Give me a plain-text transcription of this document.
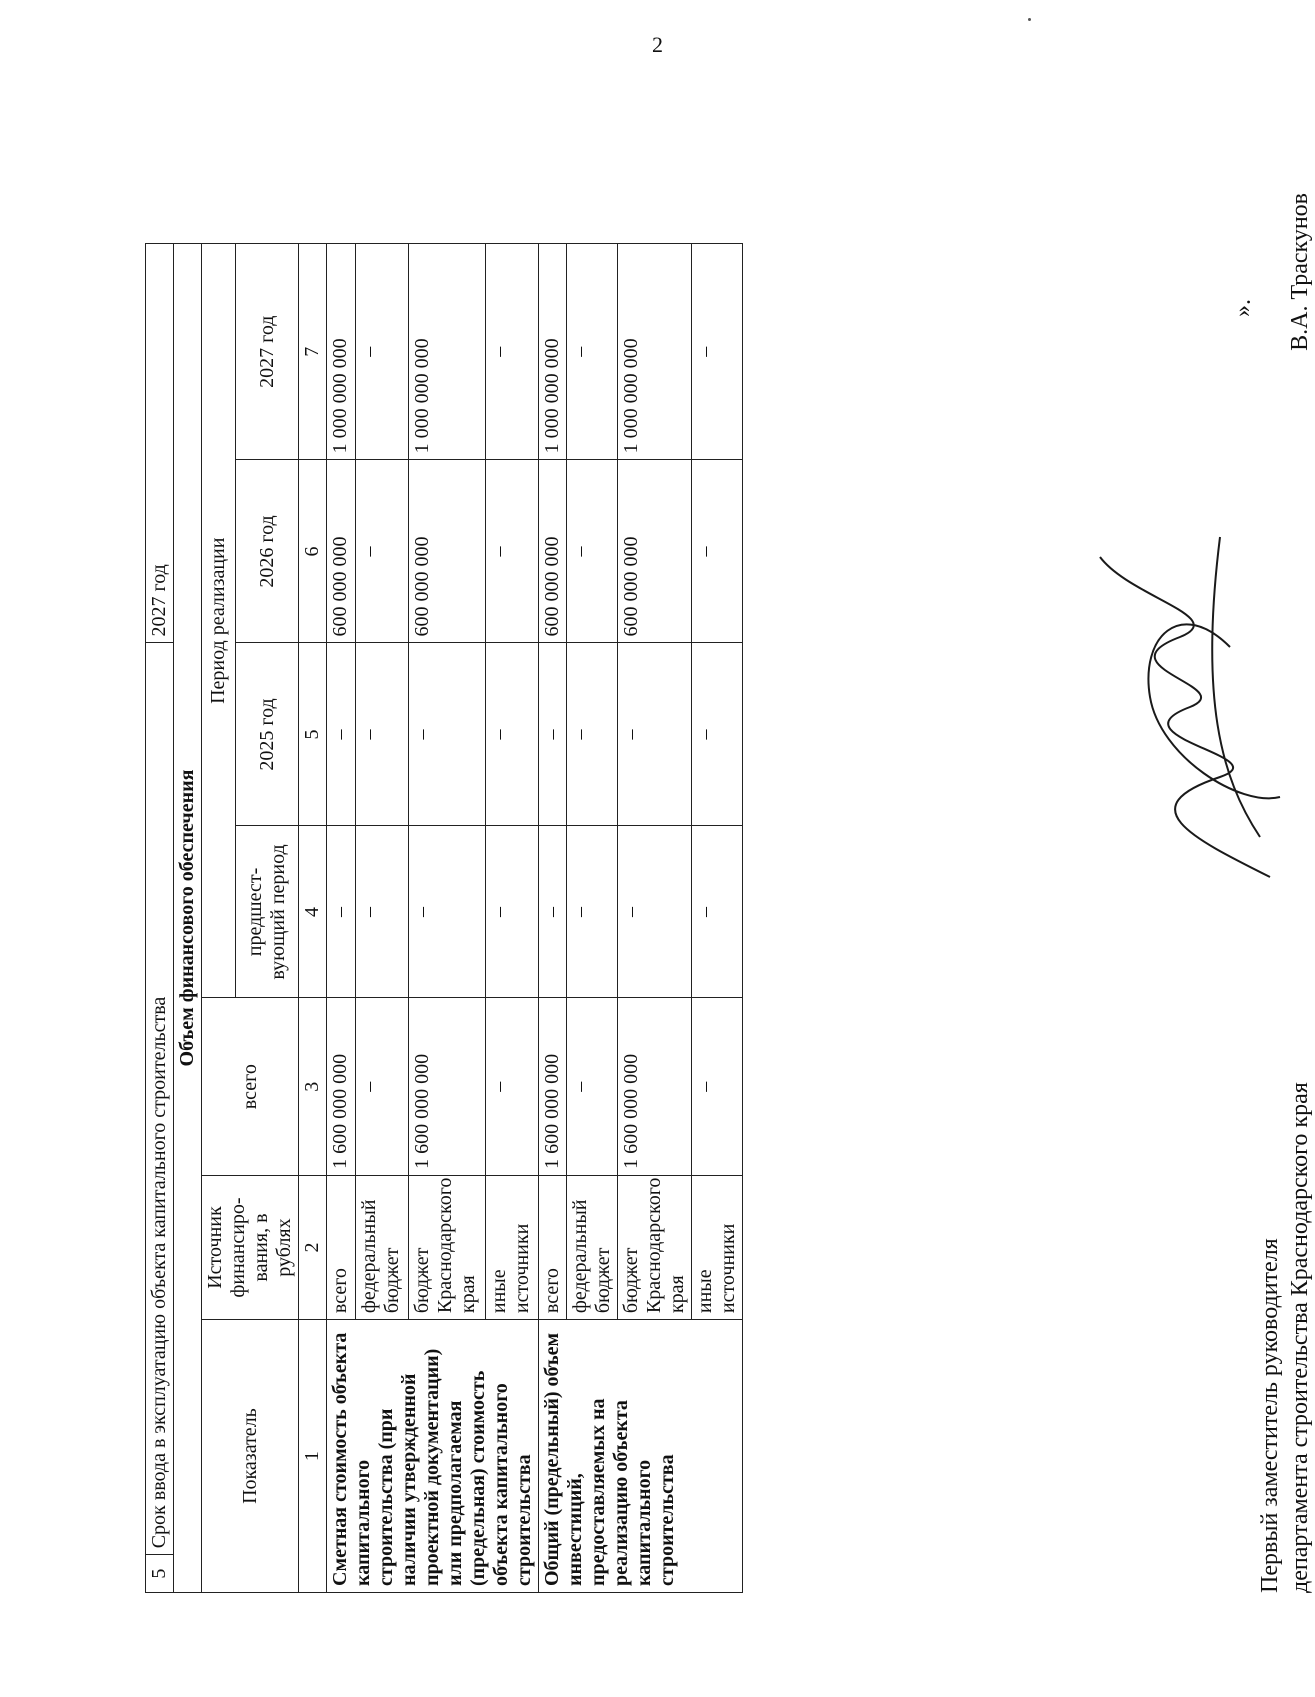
2
5	Срок ввода в эксплуатацию объекта капитального строительства					2027 год	
Объем финансового обеспечения							
Показатель		Источник финансиро- вания, в рублях	всего	Период реализации			
				предшест- вующий период	2025 год	2026 год	2027 год
1		2	3	4	5	6	7
Сметная стоимость объекта капитального строительства (при наличии утвержденной проектной документации) или предполагаемая (предельная) стоимость объекта капитального строительства		всего	1 600 000 000	–	–	600 000 000	1 000 000 000
		федеральный бюджет	–	–	–	–	–
		бюджет Краснодарского края	1 600 000 000	–	–	600 000 000	1 000 000 000
		иные источники	–	–	–	–	–
Общий (предельный) объем инвестиций, предоставляемых на реализацию объекта капитального строительства		всего	1 600 000 000	–	–	600 000 000	1 000 000 000
		федеральный бюджет	–	–	–	–	–
		бюджет Краснодарского края	1 600 000 000	–	–	600 000 000	1 000 000 000
		иные источники	–	–	–	–	–
».
Первый заместитель руководителя департамента строительства Краснодарского края
В.А. Траскунов
